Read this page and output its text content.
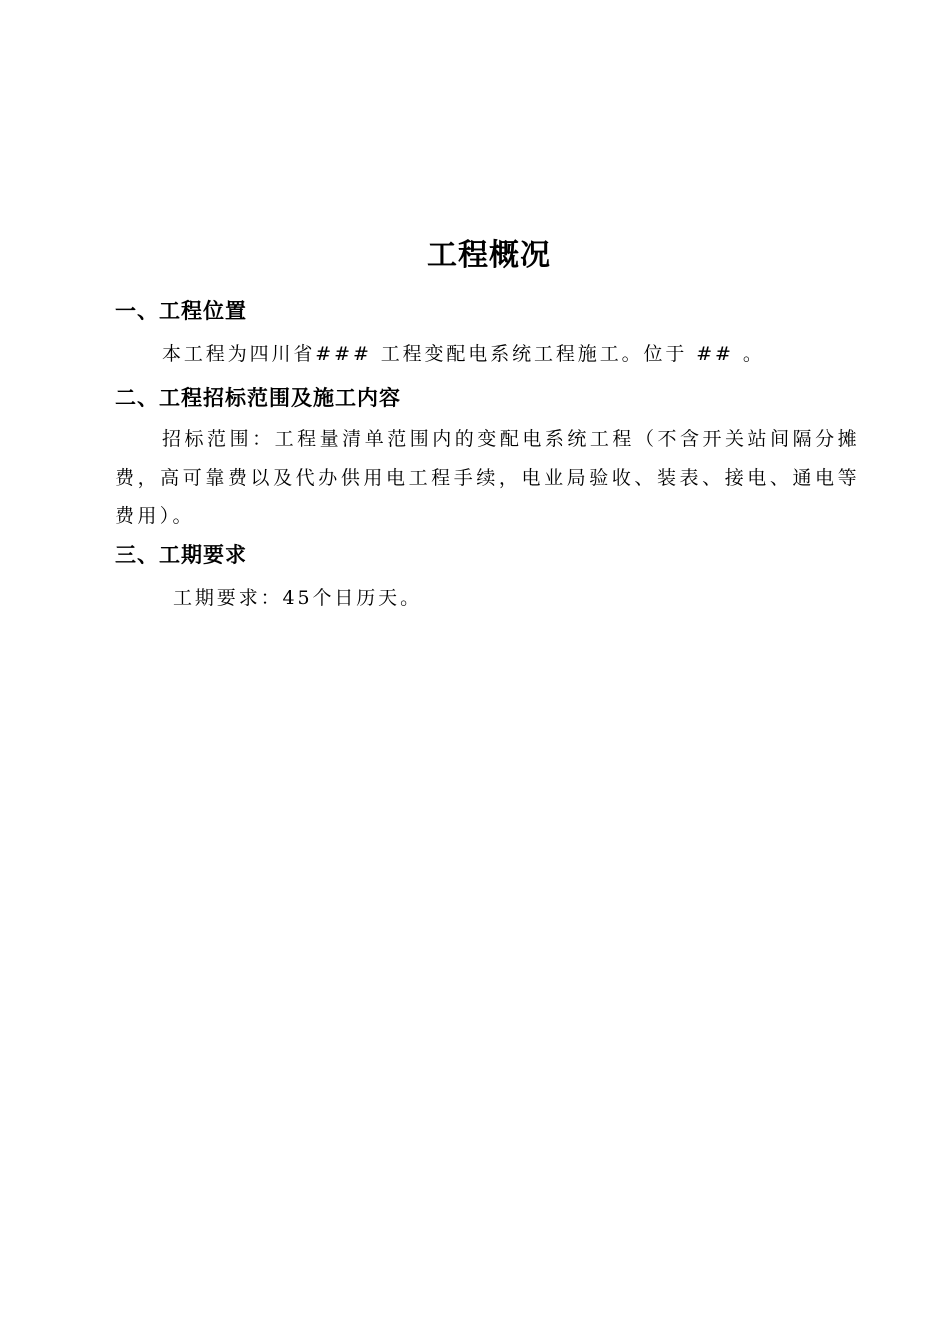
工程概况
一、工程位置
本工程为四川省### 工程变配电系统工程施工。位于 ## 。
二、工程招标范围及施工内容
招标范围：工程量清单范围内的变配电系统工程（不含开关站间隔分摊费，高可靠费以及代办供用电工程手续，电业局验收、装表、接电、通电等费用）。
三、工期要求
工期要求：45个日历天。
